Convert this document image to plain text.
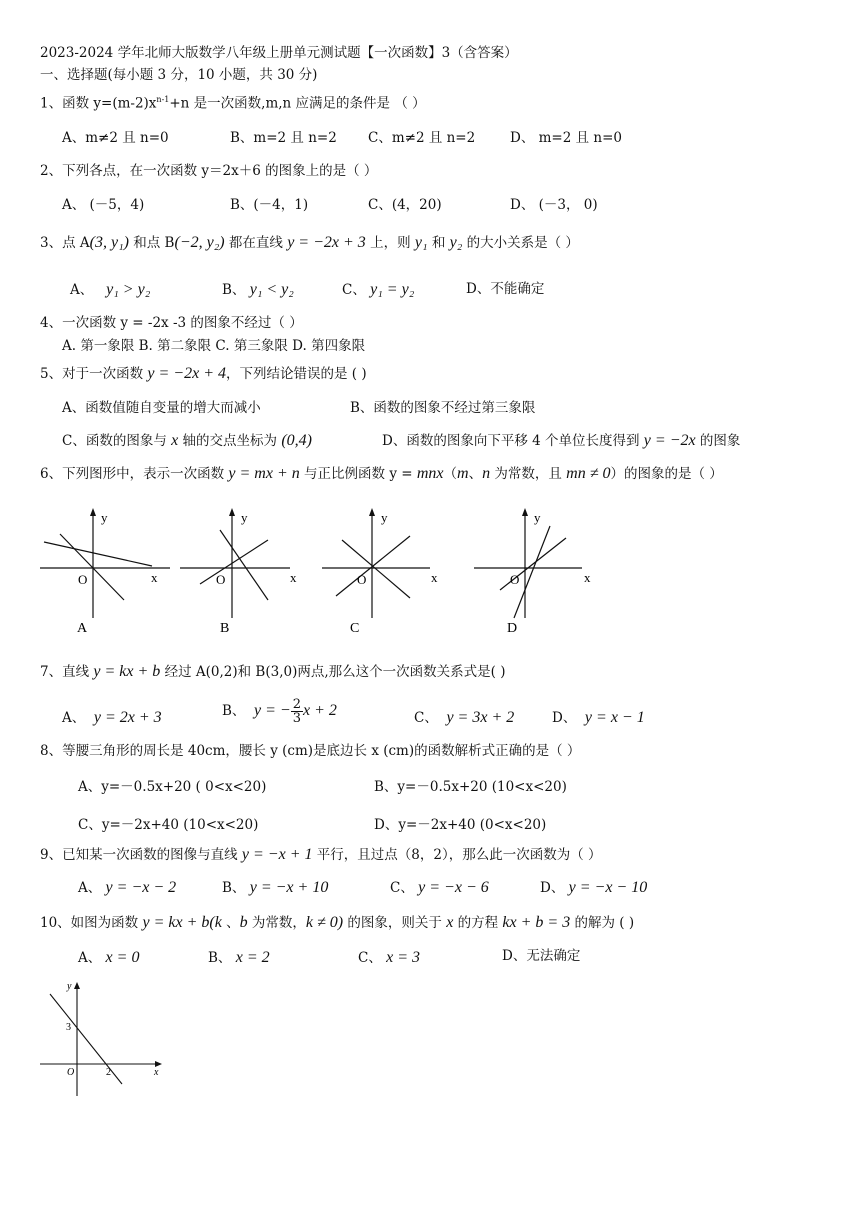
2023-2024 学年北师大版数学八年级上册单元测试题【一次函数】3（含答案）
一、选择题(每小题 3 分，10 小题，共 30 分)
1、函数 $y=(m-2)x^{n-1}+n$ 是一次函数,m,n 应满足的条件是 （ ）
A、m≠2 且 n=0	B、m=2 且 n=2 C、m≠2 且 n=2	D、 m=2 且 n=0
2、下列各点，在一次函数 y＝2x＋6 的图象上的是（ ）
A、 (－5，4)	B、(－4，1)	C、(4，20)	D、 (－3， 0)
3、点 A(3, y₁) 和点 B(−2, y₂) 都在直线 y = −2x + 3 上，则 y₁ 和 y₂ 的大小关系是（ ）
A、 y₁ > y₂	B、 y₁ < y₂	C、 y₁ = y₂	D、不能确定
4、一次函数 y = -2x -3 的图象不经过（ ）
A. 第一象限 B. 第二象限 C. 第三象限 D. 第四象限
5、对于一次函数 y = −2x + 4，下列结论错误的是 ( )
A、函数值随自变量的增大而减小	B、函数的图象不经过第三象限
C、函数的图象与 x 轴的交点坐标为 (0,4)	D、函数的图象向下平移 4 个单位长度得到 y = −2x 的图象
6、下列图形中，表示一次函数 y = mx + n 与正比例函数 y = mnx（m、n 为常数，且 mn ≠ 0）的图象的是（ ）
y
O	x
A
y
O	x
B
y
O	x
C
y
O	x
D
7、直线 y = kx + b 经过 A(0,2)和 B(3,0)两点,那么这个一次函数关系式是( )
A、 y = 2x + 3	B、 y = − $\frac{2}{3}$ x + 2	C、 y = 3x + 2	D、 y = x − 1
8、等腰三角形的周长是 40cm，腰长 y (cm)是底边长 x (cm)的函数解析式正确的是（ ）
A、y=－0.5x+20 ( 0<x<20)	B、y=－0.5x+20 (10<x<20)
C、y=－2x+40 (10<x<20)	D、y=－2x+40 (0<x<20)
9、已知某一次函数的图像与直线 y = −x + 1 平行，且过点（8，2），那么此一次函数为（ ）
A、 y = −x − 2	B、 y = −x + 10	C、 y = −x − 6	D、 y = −x − 10
10、如图为函数 y = kx + b(k 、b 为常数，k ≠ 0) 的图象，则关于 x 的方程 kx + b = 3 的解为 ( )
A、 x = 0	B、 x = 2	C、 x = 3	D、无法确定
y
3
O	2	x
